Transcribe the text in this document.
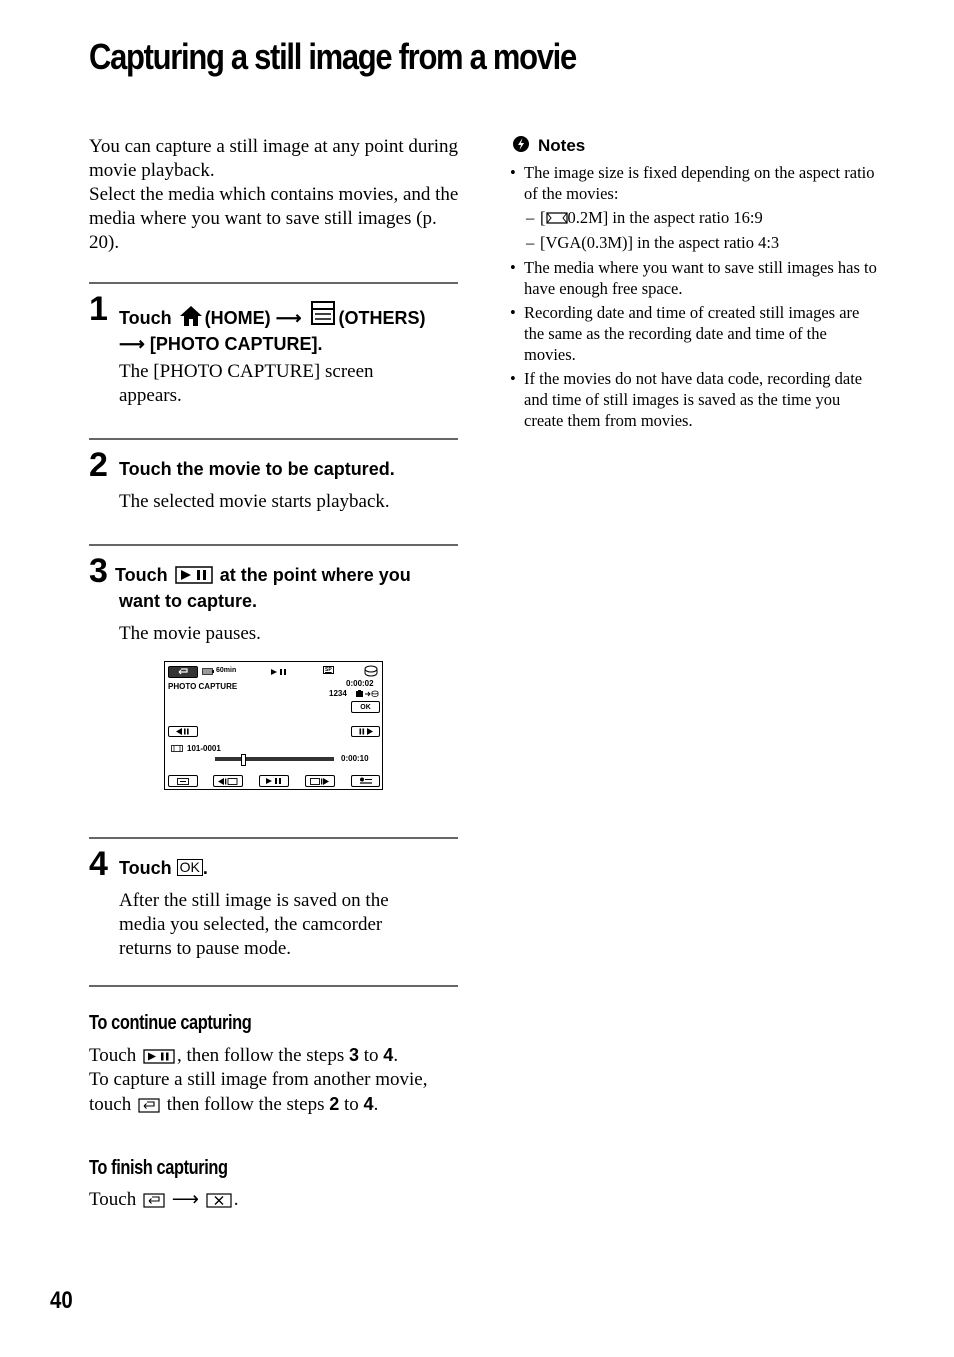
Capturing a still image from a movie
You can capture a still image at any point during movie playback.
Select the media which contains movies, and the media where you want to save still images (p. 20).
1 Touch (HOME) ⟶ (OTHERS)
⟶ [PHOTO CAPTURE].
The [PHOTO CAPTURE] screen appears.
2 Touch the movie to be captured.
The selected movie starts playback.
3 Touch	at the point where you
want to capture.
The movie pauses.
60min	SP
PHOTO CAPTURE	0:00:02
1234
OK
101-0001
0:00:10
4 Touch OK .
After the still image is saved on the media you selected, the camcorder returns to pause mode.
To continue capturing
Touch , then follow the steps 3 to 4.
To capture a still image from another movie, touch then follow the steps 2 to 4.
To finish capturing
Touch ⟶ .
Notes
• The image size is fixed depending on the aspect ratio of the movies:
– [ 0.2M] in the aspect ratio 16:9
– [VGA(0.3M)] in the aspect ratio 4:3
• The media where you want to save still images has to have enough free space.
• Recording date and time of created still images are the same as the recording date and time of the movies.
• If the movies do not have data code, recording date and time of still images is saved as the time you create them from movies.
40
